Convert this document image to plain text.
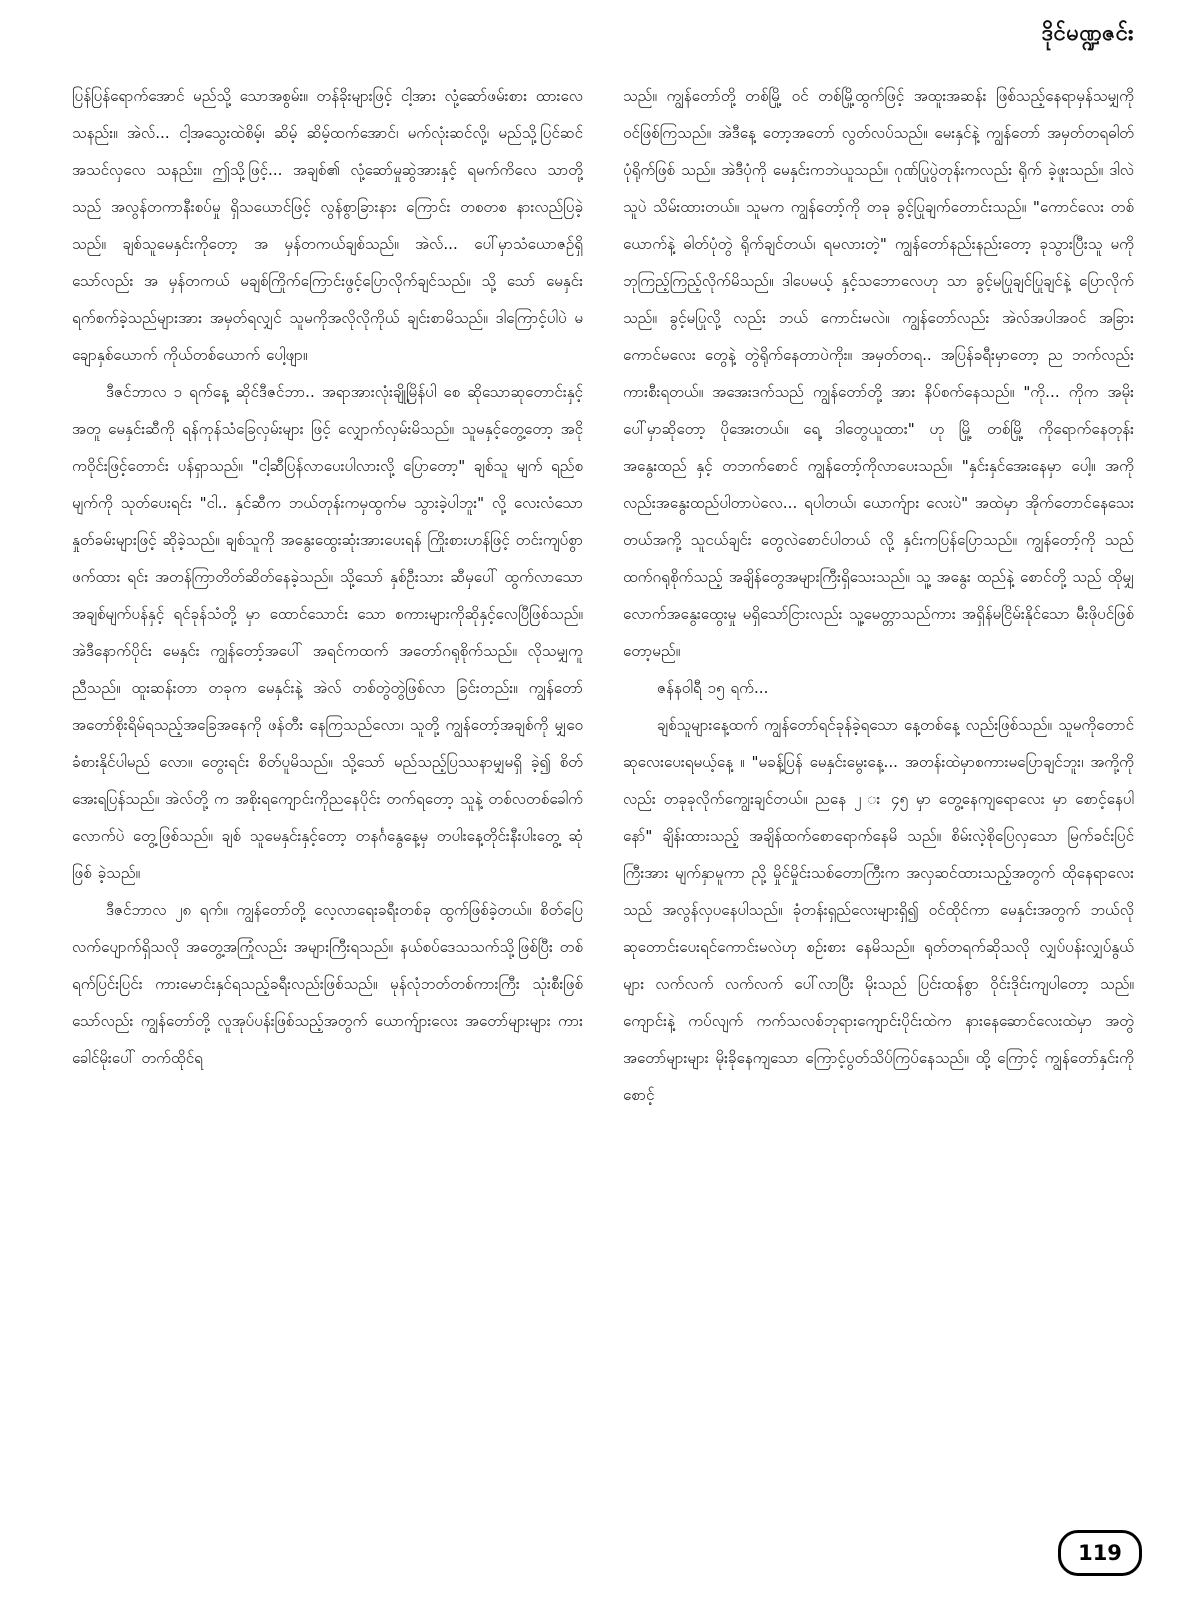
ဒိုင်မဏ္ဍဇင်း

ပြန်ပြန်ရောက်အောင် မည်သို့ သောအစွမ်း။ တန်ခိုးများဖြင့် ငါ့အား လုံ့ဆော်ဖမ်းစား ထားလေသနည်း။ အဲလ်... ငါ့အသွေးထဲစိမ့်၊ ဆိမ့် ဆိမ့်ထက်အောင်၊ မက်လုံးဆင်လို့၊ မည်သို့ပြင်ဆင် အသင်လှလေ သနည်း။ ဤသို့ဖြင့်... အချစ်၏ လုံ့ဆော်မှုဆွဲအားနှင့် ရမက်ကိလေ သာတို့ သည် အလွန်တကာနီးစပ်မှု ရှိသယောင်ဖြင့် လွန်စွာခြားနား ကြောင်း တစတစ နားလည်ပြခဲ့သည်။ ချစ်သူမေနှင်းကိုတော့ အ မှန်တကယ်ချစ်သည်။ အဲလ်... ပေါ်မှာသံယောဇဉ်ရှိသော်လည်း အ မှန်တကယ် မချစ်ကြိုက်ကြောင်းဖွင့်ပြောလိုက်ချင်သည်။ သို့ သော် မေနှင်းရက်စက်ခဲ့သည်များအား အမှတ်ရလျှင် သူမကိုအလိုလိုကိုယ် ချင်းစာမိသည်။ ဒါကြောင့်ပါပဲ မချောနှစ်ယောက် ကိုယ်တစ်ယောက် ပေါ့ဖျာ။

ဒီဇင်ဘာလ ၁ ရက်နေ့ ဆိုင်ဒီဇင်ဘာ.. အရာအားလုံးချို့မြိန်ပါ စေ ဆိုသောဆုတောင်းနှင့်အတူ မေနှင်းဆီကို ရန်ကုန်သံခြေလှမ်းများ ဖြင့် လျှောက်လှမ်းမိသည်။ သူမနှင့်တွေ့တော့ အငိုကဝိုင်းဖြင့်တောင်း ပန်ရှာသည်။ "ငါ့ဆီပြန်လာပေးပါလားလို့ ပြောတော့" ချစ်သူ မျက် ရည်စမျက်ကို သုတ်ပေးရင်း "ငါ.. နှင်ဆီက ဘယ်တုန်းကမှထွက်မ သွားခဲ့ပါဘူး" လို့ လေးလံသော နှုတ်ခမ်းများဖြင့် ဆိုခဲ့သည်။ ချစ်သူကို အနွေးထွေးဆုံးအားပေးရန် ကြိုးစားဟန်ဖြင့် တင်းကျပ်စွာဖက်ထား ရင်း အတန်ကြာတိတ်ဆိတ်နေခဲ့သည်။ သို့သော် နှစ်ဦးသား ဆီမှပေါ် ထွက်လာသော အချစ်မျက်ပန်နှင့် ရင်ခုန်သံတို့ မှာ ထောင်သောင်း သော စကားများကိုဆိုနှင့်လေပြီဖြစ်သည်။ အဲဒီနောက်ပိုင်း မေနှင်း ကျွန်တော့်အပေါ် အရင်ကထက် အတော်ဂရုစိုက်သည်။ လိုသမျှကူ ညီသည်။ ထူးဆန်းတာ တခုက မေနှင်းနဲ့ အဲလ် တစ်တွဲတွဲဖြစ်လာ ခြင်းတည်း။ ကျွန်တော်အတော်စိုးရိမ်ရသည့်အခြေအနေကို ဖန်တီး နေကြသည်လော၊ သူတို့ ကျွန်တော့်အချစ်ကို မျှဝေခံစားနိုင်ပါမည် လော။ တွေးရင်း စိတ်ပူမိသည်။ သို့သော် မည်သည့်ပြဿနာမျှမရှိ ခဲ့၍ စိတ်အေးရပြန်သည်။ အဲလ်တို့ က အစိုးရကျောင်းကိုညနေပိုင်း တက်ရတော့ သူနဲ့ တစ်လတစ်ခေါက်လောက်ပဲ တွေ့ဖြစ်သည်။ ချစ် သူမေနှင်းနှင့်တော့ တနင်္ဂနွေနေ့မှ တပါးနေ့တိုင်းနီးပါးတွေ့ ဆုံဖြစ် ခဲ့သည်။

ဒီဇင်ဘာလ ၂၈ ရက်။ ကျွန်တော်တို့ လေ့လာရေးခရီးတစ်ခု ထွက်ဖြစ်ခဲ့တယ်။ စိတ်ပြေလက်ပျောက်ရှိသလို အတွေ့အကြုံလည်း အများကြီးရသည်။ နယ်စပ်ဒေသသက်သို့ဖြစ်ပြီး တစ်ရက်ပြင်းပြင်း ကားမောင်းနှင်ရသည့်ခရီးလည်းဖြစ်သည်။ မုန်လုံဘတ်တစ်ကားကြီး သုံးစီးဖြစ်သော်လည်း ကျွန်တော်တို့ လူအုပ်ပန်းဖြစ်သည့်အတွက် ယောက်ျားလေး အတော်များများ ကားခေါင်မိုးပေါ် တက်ထိုင်ရ

သည်။ ကျွန်တော်တို့ တစ်မြို့ ဝင် တစ်မြို့ထွက်ဖြင့် အထူးအဆန်း ဖြစ်သည့်နေရာမှန်သမျှကို ဝင်ဖြစ်ကြသည်။ အဲဒီနေ့ တော့အတော် လွတ်လပ်သည်။ မေးနှင်နဲ့ ကျွန်တော် အမှတ်တရဓါတ်ပုံရိုက်ဖြစ် သည်။ အဲဒီပုံကို မေနှင်းကဘဲယူသည်။ ဂုဏ်ပြုပွဲတုန်းကလည်း ရိုက် ခဲ့ဖူးသည်။ ဒါလဲသူပဲ သိမ်းထားတယ်။ သူမက ကျွန်တော့်ကို တခု ခွင့်ပြုချက်တောင်းသည်။ "ကောင်လေး တစ်ယောက်နဲ့ ဓါတ်ပုံတွဲ ရိုက်ချင်တယ်၊ ရမလားတဲ့" ကျွန်တော်နည်းနည်းတော့ ခုသွားပြီးသူ မကို ဘုကြည့်ကြည့်လိုက်မိသည်။ ဒါပေမယ့် နှင့်သဘောလေဟု သာ ခွင့်မပြုချင်ပြုချင်နဲ့ ပြောလိုက်သည်။ ခွင့်မပြုလို့ လည်း ဘယ် ကောင်းမလဲ။ ကျွန်တော်လည်း အဲလ်အပါအဝင် အခြားကောင်မလေး တွေနဲ့ တွဲရိုက်နေတာပဲကိုး။ အမှတ်တရ.. အပြန်ခရီးမှာတော့ ည ဘက်လည်းကားစီးရတယ်။ အအေးဒက်သည် ကျွန်တော်တို့ အား နိပ်စက်နေသည်။ "ကို... ကိုက အမိုးပေါ်မှာဆိုတော့ ပိုအေးတယ်။ ရေ့ ဒါတွေယူထား" ဟု မြို့ တစ်မြို့ ကိုရောက်နေတုန်း အနွေးထည် နှင့် တဘက်စောင် ကျွန်တော့်ကိုလာပေးသည်။ "နှင်းနှင်အေးနေမှာ ပေါ့။ အကိုလည်းအနွေးထည်ပါတာပဲလေ... ရပါတယ်၊ ယောက်ျား လေးပဲ" အထဲမှာ အိုက်တောင်နေသေးတယ်အကို့ သူငယ်ချင်း တွေလဲစောင်ပါတယ် လို့ နှင်းကပြန်ပြောသည်။ ကျွန်တော့်ကို သည် ထက်ဂရုစိုက်သည့် အချိန်တွေအများကြီးရှိသေးသည်။ သူ့ အနွေး ထည်နဲ့ စောင်တို့ သည် ထိုမျှလောက်အနွေးထွေးမှု မရှိသော်ငြားလည်း သူ့မေတ္တာသည်ကား အရှိန်မငြိမ်းနိုင်သော မီးဖိုပင်ဖြစ်တော့မည်။

ဇန်နဝါရီ ၁၅ ရက်...

ချစ်သူများနေ့ထက် ကျွန်တော်ရင်ခုန်ခဲ့ရသော နေ့တစ်နေ့ လည်းဖြစ်သည်။ သူမကိုတောင်ဆုလေးပေးရမယ့်နေ့ ။ "မခန့်ပြန် မေနှင်းမွေးနေ့... အတန်းထဲမှာစကားမပြောချင်ဘူး၊ အကို့ကိုလည်း တခုခုလိုက်ကျွေးချင်တယ်။ ညနေ ၂ း ၄၅ မှာ တွေ့နေကျရောလေး မှာ စောင့်နေပါနော်" ချိန်းထားသည့် အချိန်ထက်စောရောက်နေမိ သည်။ စိမ်းလဲ့စိုပြေလှသော မြက်ခင်းပြင်ကြီးအား မျက်နှာမူကာ ညို့ မှိုင်မှိုင်းသစ်တောကြီးက အလှဆင်ထားသည့်အတွက် ထိုနေရာလေး သည် အလွန်လှပနေပါသည်။ ခုံတန်းရှည်လေးများရှိ၍ ဝင်ထိုင်ကာ မေနှင်းအတွက် ဘယ်လိုဆုတောင်းပေးရင်ကောင်းမလဲဟု စဉ်းစား နေမိသည်။ ရုတ်တရက်ဆိုသလို လျှပ်ပန်းလျှပ်နွယ်များ လက်လက် လက်လက် ပေါ်လာပြီး မိုးသည် ပြင်းထန်စွာ ဝိုင်းဒိုင်းကျပါတော့ သည်။ ကျောင်းနဲ့ ကပ်လျက် ကက်သလစ်ဘုရားကျောင်းပိုင်းထဲက နားနေဆောင်လေးထဲမှာ အတွဲအတော်များများ မိုးခိုနေကျသော ကြောင့်ပွတ်သိပ်ကြပ်နေသည်။ ထို့ ကြောင့် ကျွန်တော်နှင်းကိုစောင့်

119
